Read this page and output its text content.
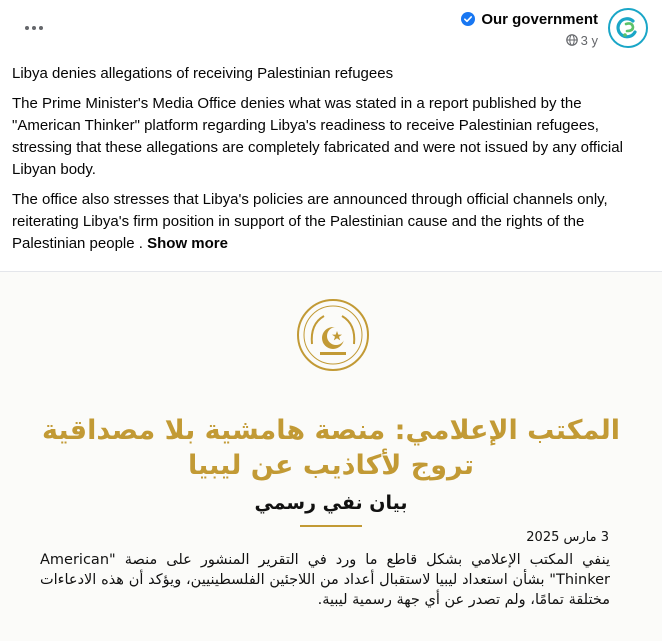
Our government
3 y

Libya denies allegations of receiving Palestinian refugees

The Prime Minister's Media Office denies what was stated in a report published by the "American Thinker" platform regarding Libya's readiness to receive Palestinian refugees, stressing that these allegations are completely fabricated and were not issued by any official Libyan body.

The office also stresses that Libya's policies are announced through official channels only, reiterating Libya's firm position in support of the Palestinian cause and the rights of the Palestinian people . Show more

المكتب الإعلامي: منصة هامشية بلا مصداقية
تروج لأكاذيب عن ليبيا
بيان نفي رسمي
3 مارس 2025
ينفي المكتب الإعلامي بشكل قاطع ما ورد في التقرير المنشور على منصة "American Thinker" بشأن استعداد ليبيا لاستقبال أعداد من اللاجئين الفلسطينيين، ويؤكد أن هذه الادعاءات مختلقة تمامًا، ولم تصدر عن أي جهة رسمية ليبية.
